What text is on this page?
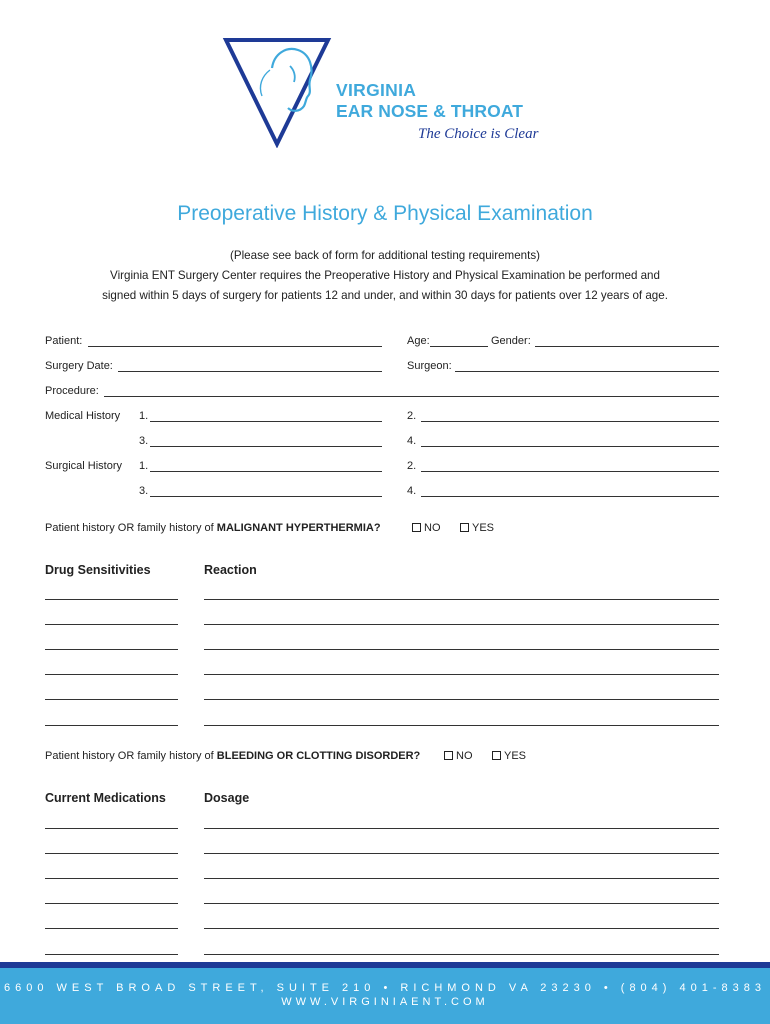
VIRGINIA
EAR NOSE & THROAT
The Choice is Clear
Preoperative History & Physical Examination
(Please see back of form for additional testing requirements)
Virginia ENT Surgery Center requires the Preoperative History and Physical Examination be performed and
signed within 5 days of surgery for patients 12 and under, and within 30 days for patients over 12 years of age.
Patient:	Age:	Gender:
Surgery Date:	Surgeon:
Procedure:
Medical History 1.	2.
3.	4.
Surgical History 1.	2.
3.	4.
Patient history OR family history of MALIGNANT HYPERTHERMIA?	NO	YES
Drug Sensitivities	Reaction
Patient history OR family history of BLEEDING OR CLOTTING DISORDER?	NO	YES
Current Medications	Dosage
6600 WEST BROAD STREET, SUITE 210 • RICHMOND VA 23230 • (804) 401-8383
WWW.VIRGINIAENT.COM
